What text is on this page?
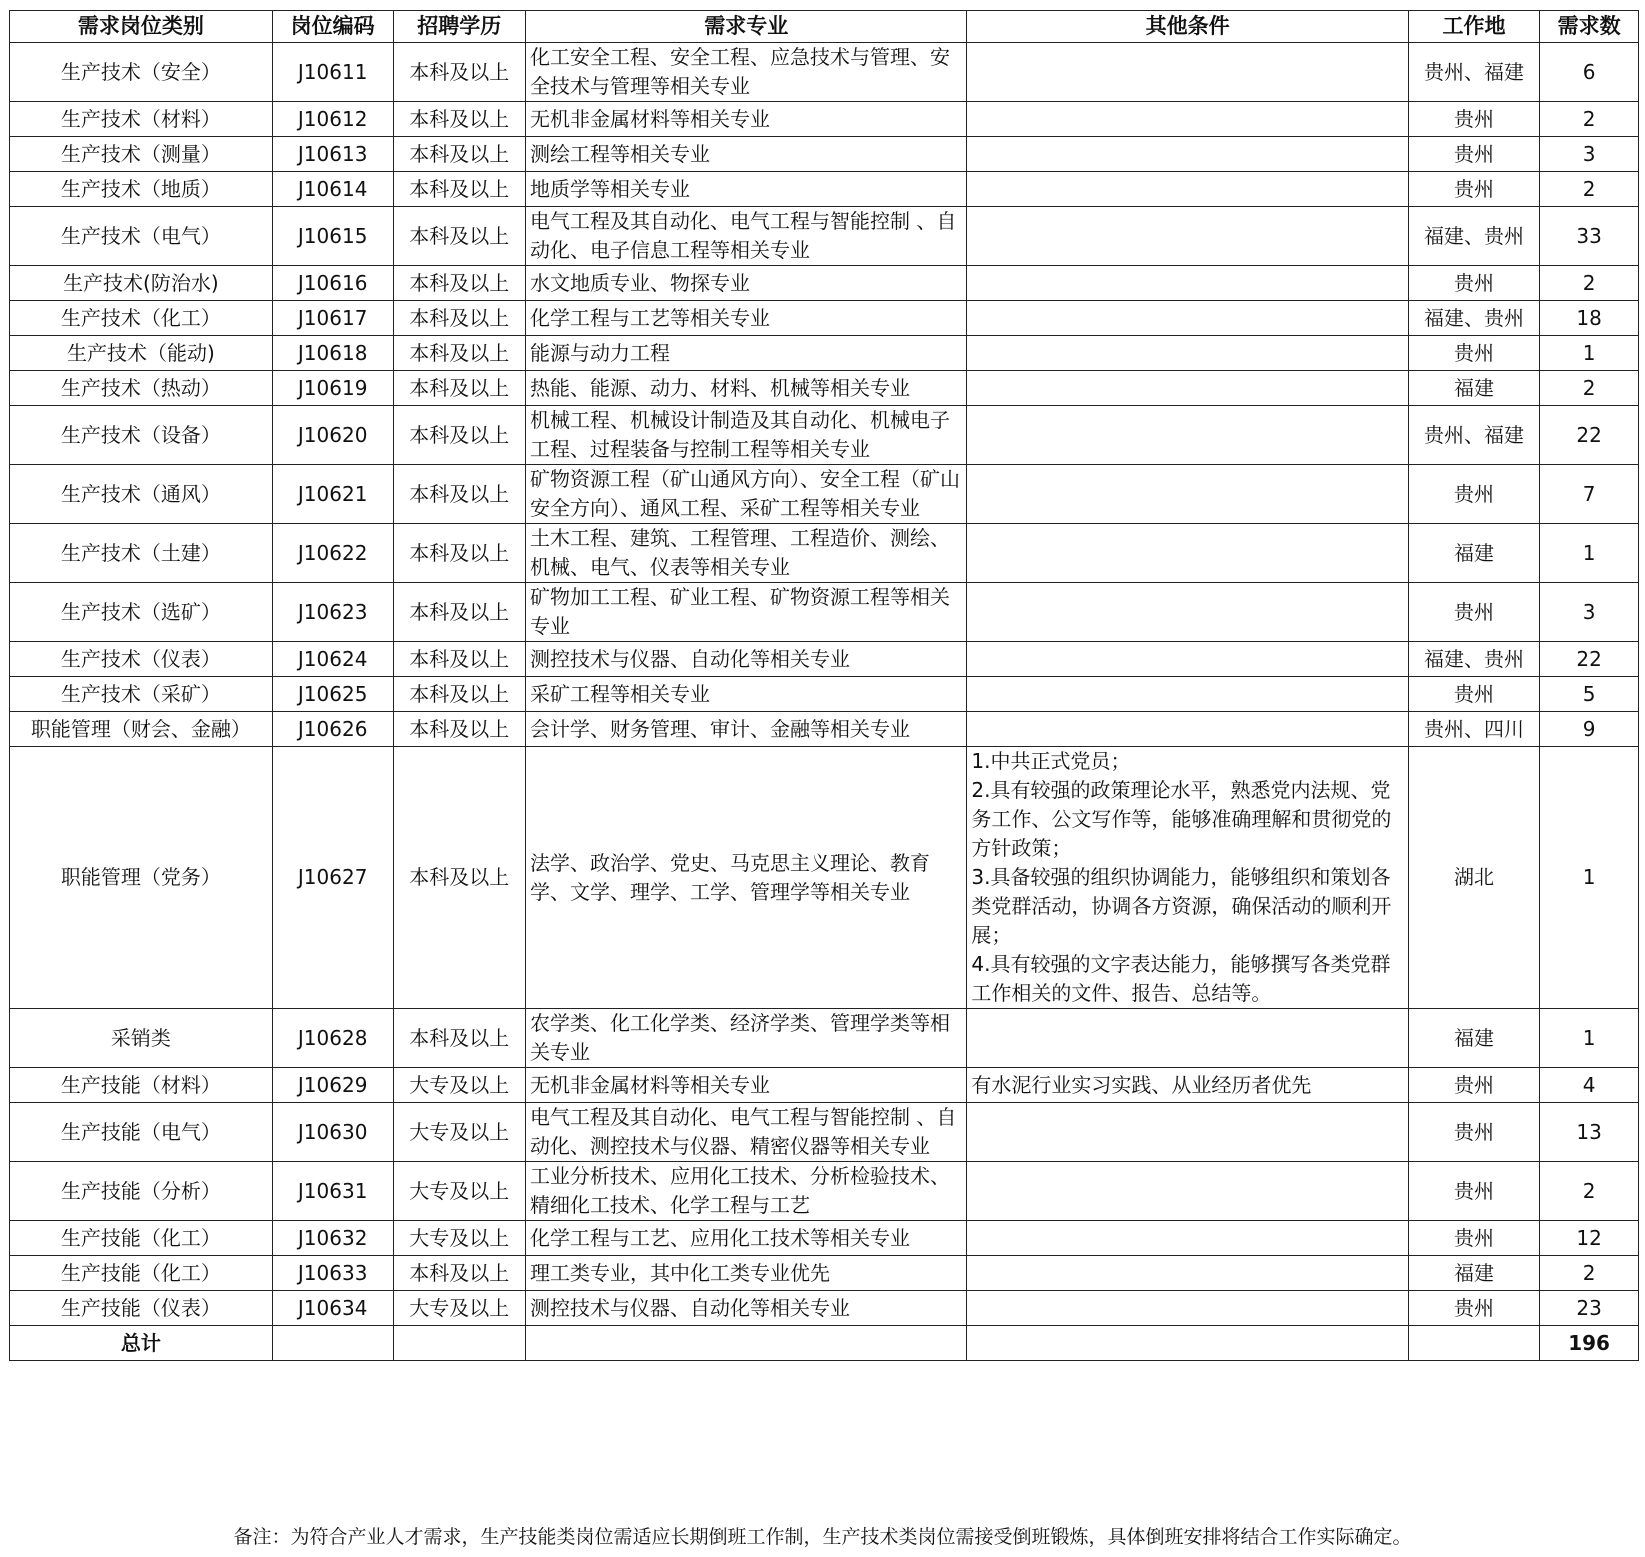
需求岗位类别	岗位编码	招聘学历	需求专业	其他条件	工作地	需求数
生产技术（安全）	J10611	本科及以上	化工安全工程、安全工程、应急技术与管理、安全技术与管理等相关专业		贵州、福建	6
生产技术（材料）	J10612	本科及以上	无机非金属材料等相关专业		贵州	2
生产技术（测量）	J10613	本科及以上	测绘工程等相关专业		贵州	3
生产技术（地质）	J10614	本科及以上	地质学等相关专业		贵州	2
生产技术（电气）	J10615	本科及以上	电气工程及其自动化、电气工程与智能控制 、自动化、电子信息工程等相关专业		福建、贵州	33
生产技术(防治水)	J10616	本科及以上	水文地质专业、物探专业		贵州	2
生产技术（化工）	J10617	本科及以上	化学工程与工艺等相关专业		福建、贵州	18
生产技术（能动)	J10618	本科及以上	能源与动力工程		贵州	1
生产技术（热动）	J10619	本科及以上	热能、能源、动力、材料、机械等相关专业		福建	2
生产技术（设备）	J10620	本科及以上	机械工程、机械设计制造及其自动化、机械电子工程、过程装备与控制工程等相关专业		贵州、福建	22
生产技术（通风）	J10621	本科及以上	矿物资源工程（矿山通风方向）、安全工程（矿山安全方向）、通风工程、采矿工程等相关专业		贵州	7
生产技术（土建）	J10622	本科及以上	土木工程、建筑、工程管理、工程造价、测绘、机械、电气、仪表等相关专业		福建	1
生产技术（选矿）	J10623	本科及以上	矿物加工工程、矿业工程、矿物资源工程等相关专业		贵州	3
生产技术（仪表）	J10624	本科及以上	测控技术与仪器、自动化等相关专业		福建、贵州	22
生产技术（采矿）	J10625	本科及以上	采矿工程等相关专业		贵州	5
职能管理（财会、金融）	J10626	本科及以上	会计学、财务管理、审计、金融等相关专业		贵州、四川	9
职能管理（党务）	J10627	本科及以上	法学、政治学、党史、马克思主义理论、教育学、文学、理学、工学、管理学等相关专业	1.中共正式党员；
2.具有较强的政策理论水平，熟悉党内法规、党务工作、公文写作等，能够准确理解和贯彻党的方针政策；
3.具备较强的组织协调能力，能够组织和策划各类党群活动，协调各方资源，确保活动的顺利开展；
4.具有较强的文字表达能力，能够撰写各类党群工作相关的文件、报告、总结等。	湖北	1
采销类	J10628	本科及以上	农学类、化工化学类、经济学类、管理学类等相关专业		福建	1
生产技能（材料）	J10629	大专及以上	无机非金属材料等相关专业	有水泥行业实习实践、从业经历者优先	贵州	4
生产技能（电气）	J10630	大专及以上	电气工程及其自动化、电气工程与智能控制 、自动化、测控技术与仪器、精密仪器等相关专业		贵州	13
生产技能（分析）	J10631	大专及以上	工业分析技术、应用化工技术、分析检验技术、精细化工技术、化学工程与工艺		贵州	2
生产技能（化工）	J10632	大专及以上	化学工程与工艺、应用化工技术等相关专业		贵州	12
生产技能（化工）	J10633	本科及以上	理工类专业，其中化工类专业优先		福建	2
生产技能（仪表）	J10634	大专及以上	测控技术与仪器、自动化等相关专业		贵州	23
总计						196
备注：为符合产业人才需求，生产技能类岗位需适应长期倒班工作制，生产技术类岗位需接受倒班锻炼，具体倒班安排将结合工作实际确定。
